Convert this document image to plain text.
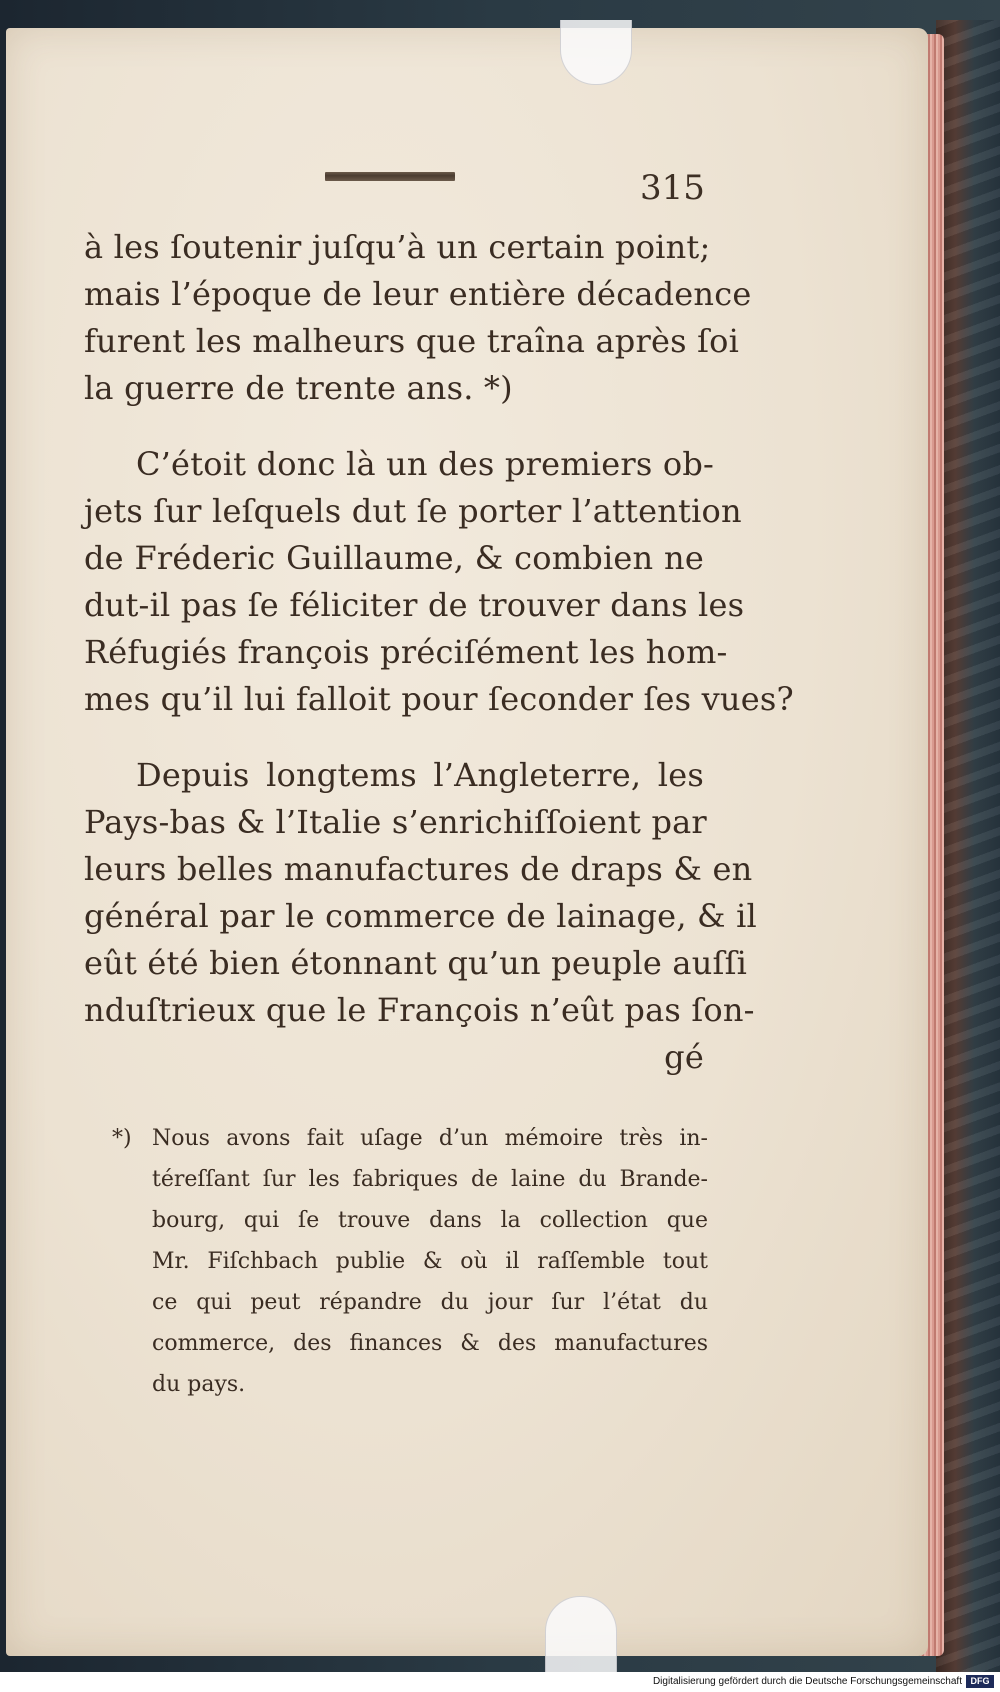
315
à les ſoutenir juſqu’à un certain point;
mais l’époque de leur entière décadence
furent les malheurs que traîna après ſoi
la guerre de trente ans. *)
C’étoit donc là un des premiers ob-
jets ſur leſquels dut ſe porter l’attention
de Fréderic Guillaume, & combien ne
dut-il pas ſe féliciter de trouver dans les
Réfugiés françois préciſément les hom-
mes qu’il lui falloit pour ſeconder ſes vues?
Depuis longtems l’Angleterre, les
Pays-bas & l’Italie s’enrichiſſoient par
leurs belles manufactures de draps & en
général par le commerce de lainage, & il
eût été bien étonnant qu’un peuple auſſi
nduſtrieux que le François n’eût pas ſon-
gé
*) Nous avons fait uſage d’un mémoire très in-
téreſſant ſur les fabriques de laine du Brande-
bourg, qui ſe trouve dans la collection que
Mr. Fiſchbach publie & où il raſſemble tout
ce qui peut répandre du jour ſur l’état du
commerce, des finances & des manufactures
du pays.
Digitalisierung gefördert durch die Deutsche Forschungsgemeinschaft DFG
